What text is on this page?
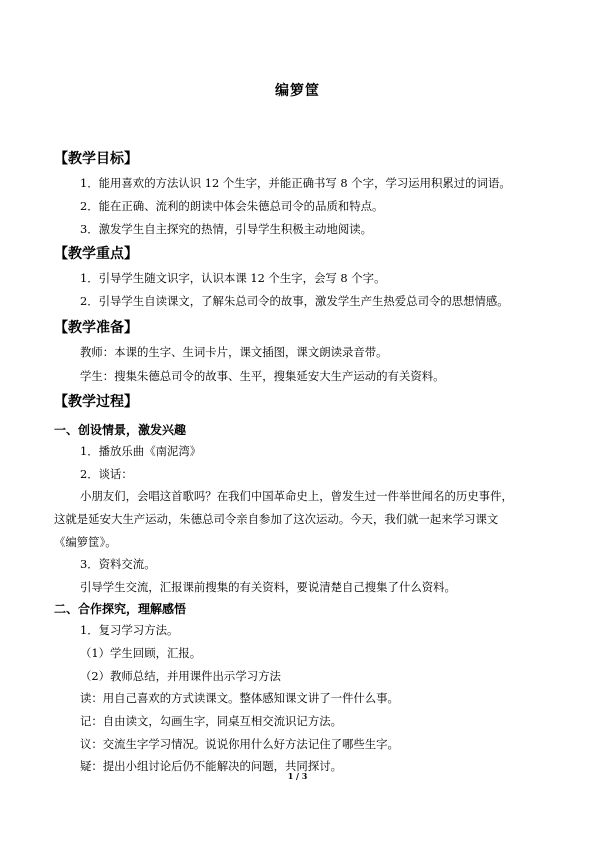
编箩筐
【教学目标】
1．能用喜欢的方法认识 12 个生字，并能正确书写 8 个字，学习运用积累过的词语。
2．能在正确、流利的朗读中体会朱德总司令的品质和特点。
3．激发学生自主探究的热情，引导学生积极主动地阅读。
【教学重点】
1．引导学生随文识字，认识本课 12 个生字，会写 8 个字。
2．引导学生自读课文，了解朱总司令的故事，激发学生产生热爱总司令的思想情感。
【教学准备】
教师：本课的生字、生词卡片，课文插图，课文朗读录音带。
学生：搜集朱德总司令的故事、生平，搜集延安大生产运动的有关资料。
【教学过程】
一、创设情景，激发兴趣
1．播放乐曲《南泥湾》
2．谈话：
小朋友们，会唱这首歌吗？在我们中国革命史上，曾发生过一件举世闻名的历史事件，
这就是延安大生产运动，朱德总司令亲自参加了这次运动。今天，我们就一起来学习课文
《编箩筐》。
3．资料交流。
引导学生交流，汇报课前搜集的有关资料，要说清楚自己搜集了什么资料。
二、合作探究，理解感悟
1．复习学习方法。
（1）学生回顾，汇报。
（2）教师总结，并用课件出示学习方法
读：用自己喜欢的方式读课文。整体感知课文讲了一件什么事。
记：自由读文，勾画生字，同桌互相交流识记方法。
议：交流生字学习情况。说说你用什么好方法记住了哪些生字。
疑：提出小组讨论后仍不能解决的问题，共同探讨。
1 / 3
